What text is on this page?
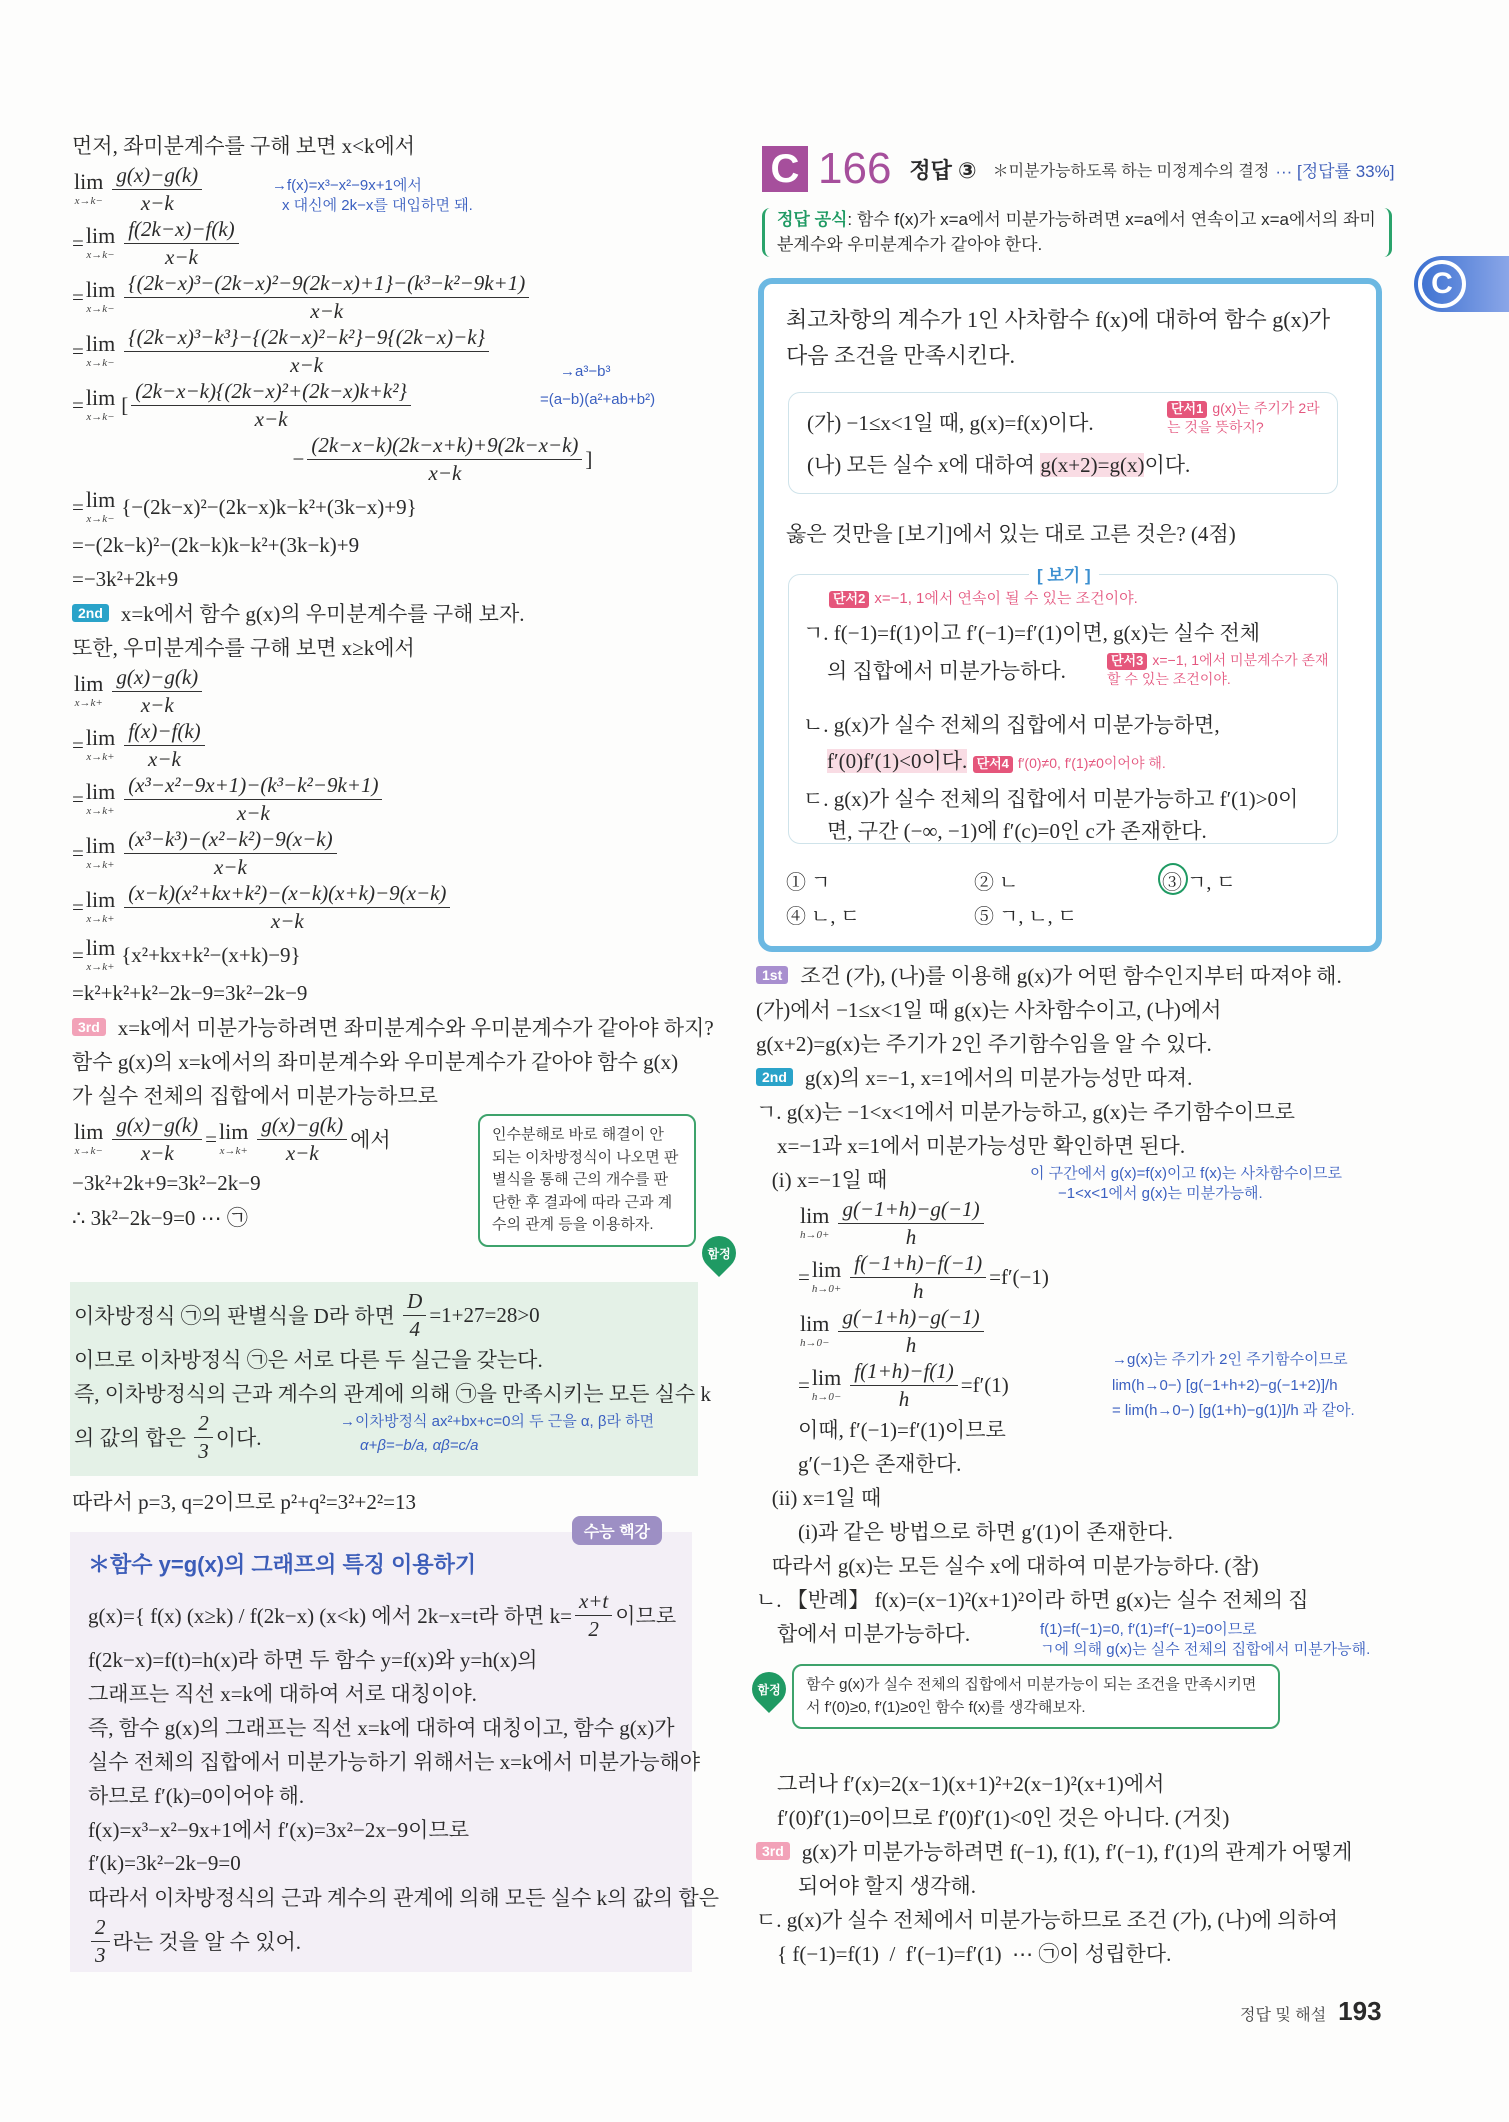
먼저, 좌미분계수를 구해 보면 x<k에서
lim
$x\to k- \frac{g(x)-g(k)}{x-k}$
= lim
$x\to k- \frac{f(2k-x)-f(k)}{x-k}$
= lim
$x\to k- \frac{\text{\{(2k−x)³−(2k−x)²−9(2k−x)+1\}−(k³−k²−9k+1)}}{x-k}$
= lim
$x\to k- \frac{\text{\{(2k−x)³−k³\}−\{(2k−x)²−k²\}−9\{(2k−x)−k\}}}{x-k}$
= lim
x→k−
[ $\frac{\text{(2k−x−k)\{(2k−x)²+(2k−x)k+k²\}}}{x-k}$
− $\frac{(2k-x-k)(2k-x+k)+9(2k-x-k)}{x-k}$ ]
= lim
x→k−
{−(2k−x)²−(2k−x)k−k²+(3k−x)+9}
=−(2k−k)²−(2k−k)k−k²+(3k−k)+9
=−3k²+2k+9
2nd x=k에서 함수 g(x)의 우미분계수를 구해 보자.
또한, 우미분계수를 구해 보면 x≥k에서
lim
$x\to k+ \frac{g(x)-g(k)}{x-k}$
= lim
$x\to k+ \frac{f(x)-f(k)}{x-k}$
= lim
$x\to k+ \frac{\text{(x³−x²−9x+1)−(k³−k²−9k+1)}}{x-k}$
= lim
$x\to k+ \frac{\text{(x³−k³)−(x²−k²)−9(x−k)}}{x-k}$
= lim
$x\to k+ \frac{\text{(x−k)(x²+kx+k²)−(x−k)(x+k)−9(x−k)}}{x-k}$
= lim
x→k+
{x²+kx+k²−(x+k)−9}
=k²+k²+k²−2k−9=3k²−2k−9
3rd x=k에서 미분가능하려면 좌미분계수와 우미분계수가 같아야 하지?
함수 g(x)의 x=k에서의 좌미분계수와 우미분계수가 같아야 함수 g(x)
가 실수 전체의 집합에서 미분가능하므로
lim
$x\to k- \frac{g(x)-g(k)}{x-k} = \lim$
$x\to k+ \frac{g(x)-g(k)}{x-k}$ 에서
−3k²+2k+9=3k²−2k−9
∴ 3k²−2k−9=0 ⋯ ㉠
→f(x)=x³−x²−9x+1에서
x 대신에 2k−x를 대입하면 돼.
→a³−b³
=(a−b)(a²+ab+b²)
인수분해로 바로 해결이 안 되는 이차방정식이 나오면 판별식을 통해 근의 개수를 판단한 후 결과에 따라 근과 계수의 관계 등을 이용하자.
함정
이차방정식 ㉠의 판별식을 D라 하면 $\frac{D}{4} =1+27=28>0$
이므로 이차방정식 ㉠은 서로 다른 두 실근을 갖는다.
즉, 이차방정식의 근과 계수의 관계에 의해 ㉠을 만족시키는 모든 실수 k
의 값의 합은 $\frac{2}{3}$ 이다.
→이차방정식 ax²+bx+c=0의 두 근을 α, β라 하면
α+β=−b/a, αβ=c/a
따라서 p=3, q=2이므로 p²+q²=3²+2²=13
수능 핵강
＊함수 y=g(x)의 그래프의 특징 이용하기
g(x)={ f(x) (x≥k) / f(2k−x) (x<k) 에서 2k−x=t라 하면 $k= \frac{x+t}{2}$ 이므로
f(2k−x)=f(t)=h(x)라 하면 두 함수 y=f(x)와 y=h(x)의
그래프는 직선 x=k에 대하여 서로 대칭이야.
즉, 함수 g(x)의 그래프는 직선 x=k에 대하여 대칭이고, 함수 g(x)가
실수 전체의 집합에서 미분가능하기 위해서는 x=k에서 미분가능해야
하므로 f′(k)=0이어야 해.
f(x)=x³−x²−9x+1에서 f′(x)=3x²−2x−9이므로
f′(k)=3k²−2k−9=0
따라서 이차방정식의 근과 계수의 관계에 의해 모든 실수 k의 값의 합은
$\frac{2}{3}$ 라는 것을 알 수 있어.
C 166 정답 ③ ＊미분가능하도록 하는 미정계수의 결정 ··· [정답률 33%]
정답 공식: 함수 f(x)가 x=a에서 미분가능하려면 x=a에서 연속이고 x=a에서의 좌미분계수와 우미분계수가 같아야 한다.
최고차항의 계수가 1인 사차함수 f(x)에 대하여 함수 g(x)가 다음 조건을 만족시킨다.
(가) −1≤x<1일 때, g(x)=f(x)이다.
(나) 모든 실수 x에 대하여 g(x+2)=g(x)이다.
단서1 g(x)는 주기가 2라는 것을 뜻하지?
옳은 것만을 [보기]에서 있는 대로 고른 것은? (4점)
[ 보기 ]
단서2 x=−1, 1에서 연속이 될 수 있는 조건이야.
ㄱ. f(−1)=f(1)이고 f′(−1)=f′(1)이면, g(x)는 실수 전체
의 집합에서 미분가능하다.	단서3 x=−1, 1에서 미분계수가 존재할 수 있는 조건이야.
ㄴ. g(x)가 실수 전체의 집합에서 미분가능하면,
f′(0)f′(1)<0이다. 단서4 f′(0)≠0, f′(1)≠0이어야 해.
ㄷ. g(x)가 실수 전체의 집합에서 미분가능하고 f′(1)>0이
면, 구간 (−∞, −1)에 f′(c)=0인 c가 존재한다.
① ㄱ	② ㄴ	③ ㄱ, ㄷ
④ ㄴ, ㄷ	⑤ ㄱ, ㄴ, ㄷ
1st 조건 (가), (나)를 이용해 g(x)가 어떤 함수인지부터 따져야 해.
(가)에서 −1≤x<1일 때 g(x)는 사차함수이고, (나)에서
g(x+2)=g(x)는 주기가 2인 주기함수임을 알 수 있다.
2nd g(x)의 x=−1, x=1에서의 미분가능성만 따져.
ㄱ. g(x)는 −1<x<1에서 미분가능하고, g(x)는 주기함수이므로
x=−1과 x=1에서 미분가능성만 확인하면 된다.
(i) x=−1일 때

lim
$h\to 0+ \frac{g(-1+h)-g(-1)}{h}$
= lim
$h\to 0+ \frac{f(-1+h)-f(-1)}{h} =f'(-1)$

lim
$h\to 0- \frac{g(-1+h)-g(-1)}{h}$
= lim
$h\to 0- \frac{f(1+h)-f(1)}{h} =f'(1)$
이때, f′(−1)=f′(1)이므로
g′(−1)은 존재한다.
(ii) x=1일 때
(i)과 같은 방법으로 하면 g′(1)이 존재한다.
따라서 g(x)는 모든 실수 x에 대하여 미분가능하다. (참)
ㄴ. 【반례】 f(x)=(x−1)²(x+1)²이라 하면 g(x)는 실수 전체의 집
합에서 미분가능하다.
이 구간에서 g(x)=f(x)이고 f(x)는 사차함수이므로
−1<x<1에서 g(x)는 미분가능해.
→g(x)는 주기가 2인 주기함수이므로
lim(h→0−) [g(−1+h+2)−g(−1+2)]/h
= lim(h→0−) [g(1+h)−g(1)]/h 과 같아.
f(1)=f(−1)=0, f′(1)=f′(−1)=0이므로
ㄱ에 의해 g(x)는 실수 전체의 집합에서 미분가능해.
함수 g(x)가 실수 전체의 집합에서 미분가능이 되는 조건을 만족시키면서 f′(0)≥0, f′(1)≥0인 함수 f(x)를 생각해보자.
함정
그러나 f′(x)=2(x−1)(x+1)²+2(x−1)²(x+1)에서
f′(0)f′(1)=0이므로 f′(0)f′(1)<0인 것은 아니다. (거짓)
3rd g(x)가 미분가능하려면 f(−1), f(1), f′(−1), f′(1)의 관계가 어떻게
되어야 할지 생각해.
ㄷ. g(x)가 실수 전체에서 미분가능하므로 조건 (가), (나)에 의하여
{ f(−1)=f(1)  /  f′(−1)=f′(1)  ⋯ ㉠이 성립한다.
C
정답 및 해설 193
